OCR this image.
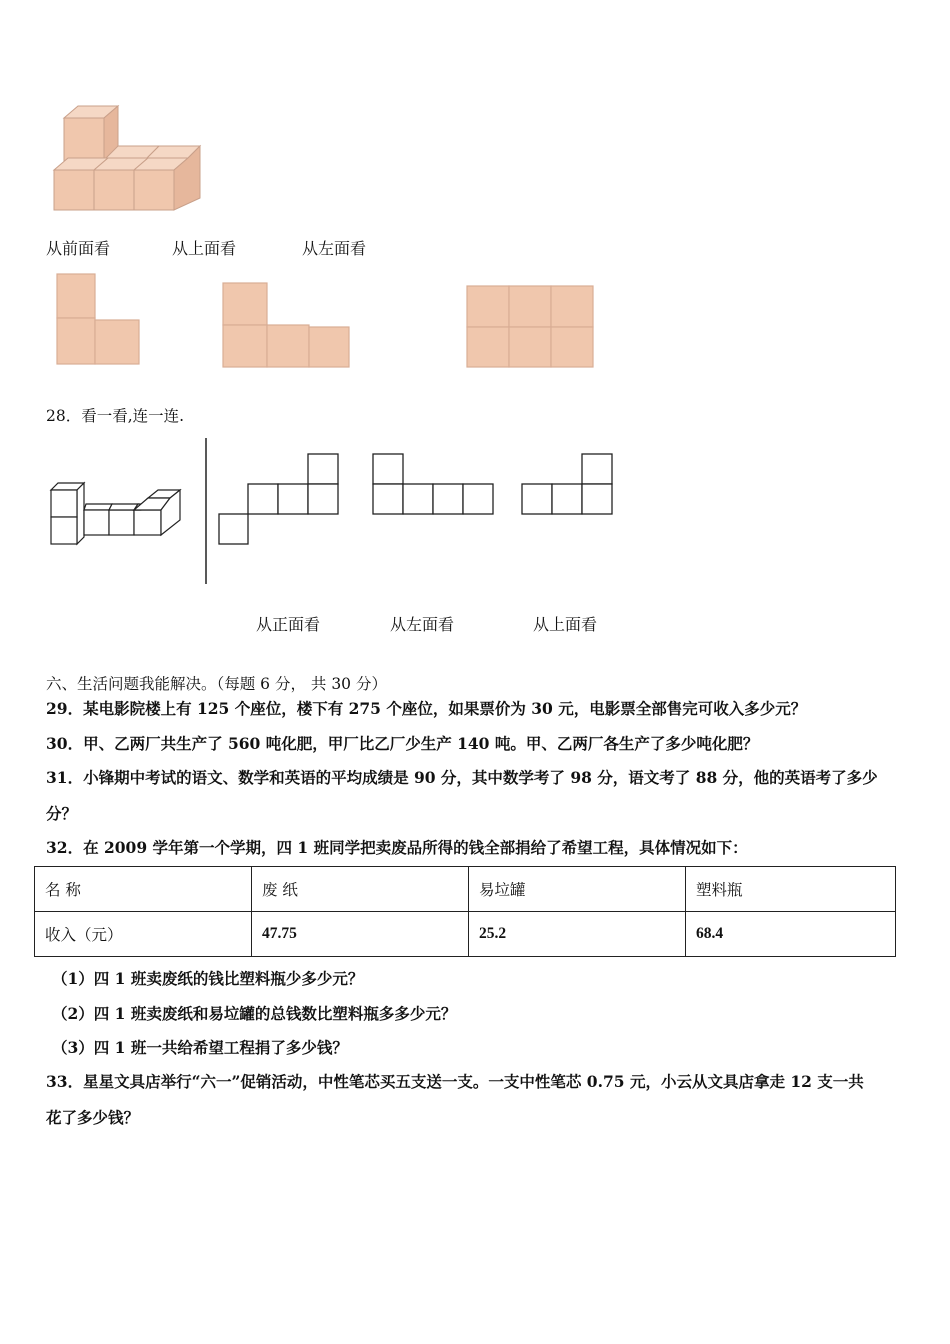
从前面看	从上面看	从左面看
28．看一看,连一连.
从正面看	从左面看	从上面看
六、生活问题我能解决。（每题 6 分， 共 30 分）
29．某电影院楼上有 125 个座位，楼下有 275 个座位，如果票价为 30 元，电影票全部售完可收入多少元？
30．甲、乙两厂共生产了 560 吨化肥，甲厂比乙厂少生产 140 吨。甲、乙两厂各生产了多少吨化肥？
31．小锋期中考试的语文、数学和英语的平均成绩是 90 分，其中数学考了 98 分，语文考了 88 分，他的英语考了多少
分？
32．在 2009 学年第一个学期，四 1 班同学把卖废品所得的钱全部捐给了希望工程，具体情况如下：
名 称	废 纸	易垃罐	塑料瓶
收入（元）	47.75	25.2	68.4
（1）四 1 班卖废纸的钱比塑料瓶少多少元？
（2）四 1 班卖废纸和易垃罐的总钱数比塑料瓶多多少元？
（3）四 1 班一共给希望工程捐了多少钱？
33．星星文具店举行“六一”促销活动，中性笔芯买五支送一支。一支中性笔芯 0.75 元，小云从文具店拿走 12 支一共
花了多少钱？
